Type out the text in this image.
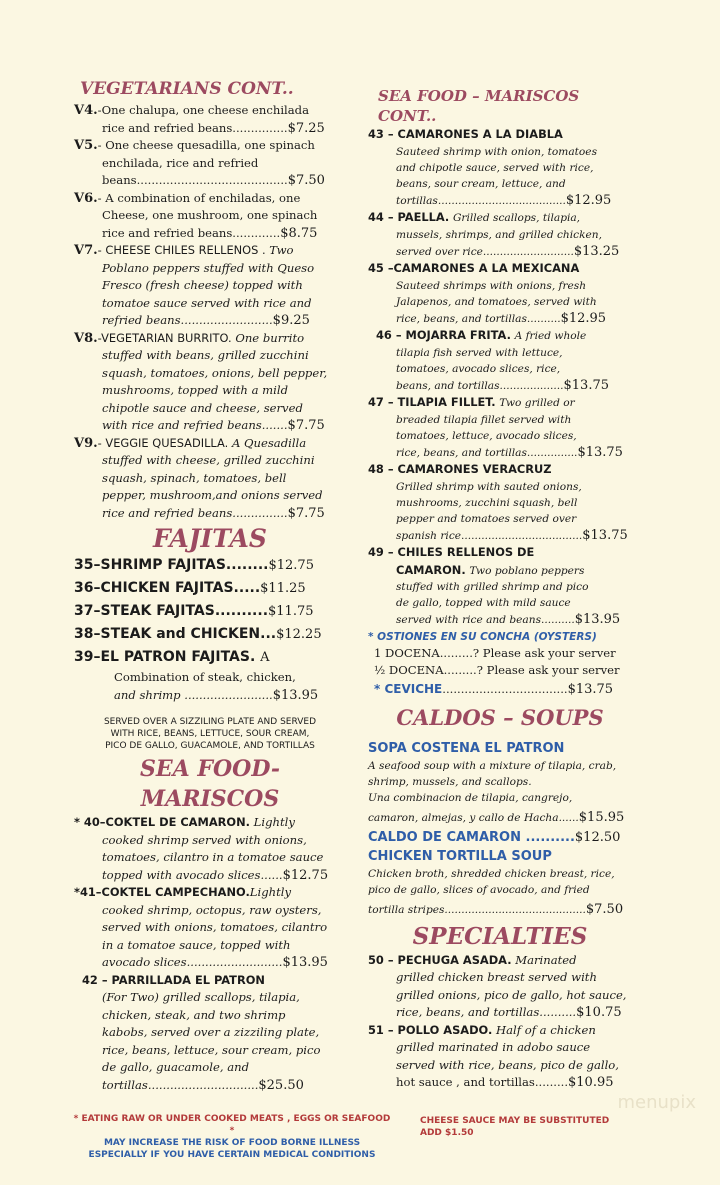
VEGETARIANS CONT..
V4.-One chalupa, one cheese enchilada
rice and refried beans...............$7.25
V5.- One cheese quesadilla, one spinach
enchilada, rice and refried
beans.........................................$7.50
V6.- A combination of enchiladas, one
Cheese, one mushroom, one spinach
rice and refried beans.............$8.75
V7.- CHEESE CHILES RELLENOS . Two
Poblano peppers stuffed with Queso
Fresco (fresh cheese) topped with
tomatoe sauce served with rice and
refried beans.........................$9.25
V8.-VEGETARIAN BURRITO. One burrito
stuffed with beans, grilled zucchini
squash, tomatoes, onions, bell pepper,
mushrooms, topped with a mild
chipotle sauce and cheese, served
with rice and refried beans.......$7.75
V9.- VEGGIE QUESADILLA. A Quesadilla
stuffed with cheese, grilled zucchini
squash, spinach, tomatoes, bell
pepper, mushroom,and onions served
rice and refried beans...............$7.75
FAJITAS
35–SHRIMP FAJITAS........$12.75
36–CHICKEN FAJITAS.....$11.25
37–STEAK FAJITAS..........$11.75
38–STEAK and CHICKEN...$12.25
39–EL PATRON FAJITAS. A
Combination of steak, chicken,
and shrimp ........................$13.95
SERVED OVER A SIZZILING PLATE AND SERVED
WITH RICE, BEANS, LETTUCE, SOUR CREAM,
PICO DE GALLO, GUACAMOLE, AND TORTILLAS
SEA FOOD- MARISCOS
* 40–COKTEL DE CAMARON. Lightly
cooked shrimp served with onions,
tomatoes, cilantro in a tomatoe sauce
topped with avocado slices......$12.75
*41–COKTEL CAMPECHANO.Lightly
cooked shrimp, octopus, raw oysters,
served with onions, tomatoes, cilantro
in a tomatoe sauce, topped with
avocado slices..........................$13.95
42 – PARRILLADA EL PATRON
(For Two) grilled scallops, tilapia,
chicken, steak, and two shrimp
kabobs, served over a zizziling plate,
rice, beans, lettuce, sour cream, pico
de gallo, guacamole, and
tortillas..............................$25.50
SEA FOOD – MARISCOS CONT..
43 – CAMARONES A LA DIABLA
Sauteed shrimp with onion, tomatoes
and chipotle sauce, served with rice,
beans, sour cream, lettuce, and
tortillas......................................$12.95
44 – PAELLA. Grilled scallops, tilapia,
mussels, shrimps, and grilled chicken,
served over rice...........................$13.25
45 –CAMARONES A LA MEXICANA
Sauteed shrimps with onions, fresh
Jalapenos, and tomatoes, served with
rice, beans, and tortillas..........$12.95
46 – MOJARRA FRITA. A fried whole
tilapia fish served with lettuce,
tomatoes, avocado slices, rice,
beans, and tortillas...................$13.75
47 – TILAPIA FILLET. Two grilled or
breaded tilapia fillet served with
tomatoes, lettuce, avocado slices,
rice, beans, and tortillas...............$13.75
48 – CAMARONES VERACRUZ
Grilled shrimp with sauted onions,
mushrooms, zucchini squash, bell
pepper and tomatoes served over
spanish rice....................................$13.75
49 – CHILES RELLENOS DE
CAMARON. Two poblano peppers
stuffed with grilled shrimp and pico
de gallo, topped with mild sauce
served with rice and beans..........$13.95
* OSTIONES EN SU CONCHA (OYSTERS)
1 DOCENA.........? Please ask your server
½ DOCENA.........? Please ask your server
* CEVICHE..................................$13.75
CALDOS – SOUPS
SOPA COSTENA EL PATRON
A seafood soup with a mixture of tilapia, crab,
shrimp, mussels, and scallops.
Una combinacion de tilapia, cangrejo,
camaron, almejas, y callo de Hacha......$15.95
CALDO DE CAMARON ..........$12.50
CHICKEN TORTILLA SOUP
Chicken broth, shredded chicken breast, rice,
pico de gallo, slices of avocado, and fried
tortilla stripes..........................................$7.50
SPECIALTIES
50 – PECHUGA ASADA. Marinated
grilled chicken breast served with
grilled onions, pico de gallo, hot sauce,
rice, beans, and tortillas..........$10.75
51 – POLLO ASADO. Half of a chicken
grilled marinated in adobo sauce
served with rice, beans, pico de gallo,
hot sauce , and tortillas.........$10.95
* EATING RAW OR UNDER COOKED MEATS , EGGS OR SEAFOOD *
MAY INCREASE THE RISK OF FOOD BORNE ILLNESS
ESPECIALLY IF YOU HAVE CERTAIN MEDICAL CONDITIONS
CHEESE SAUCE MAY BE SUBSTITUTED
ADD $1.50
menupix
